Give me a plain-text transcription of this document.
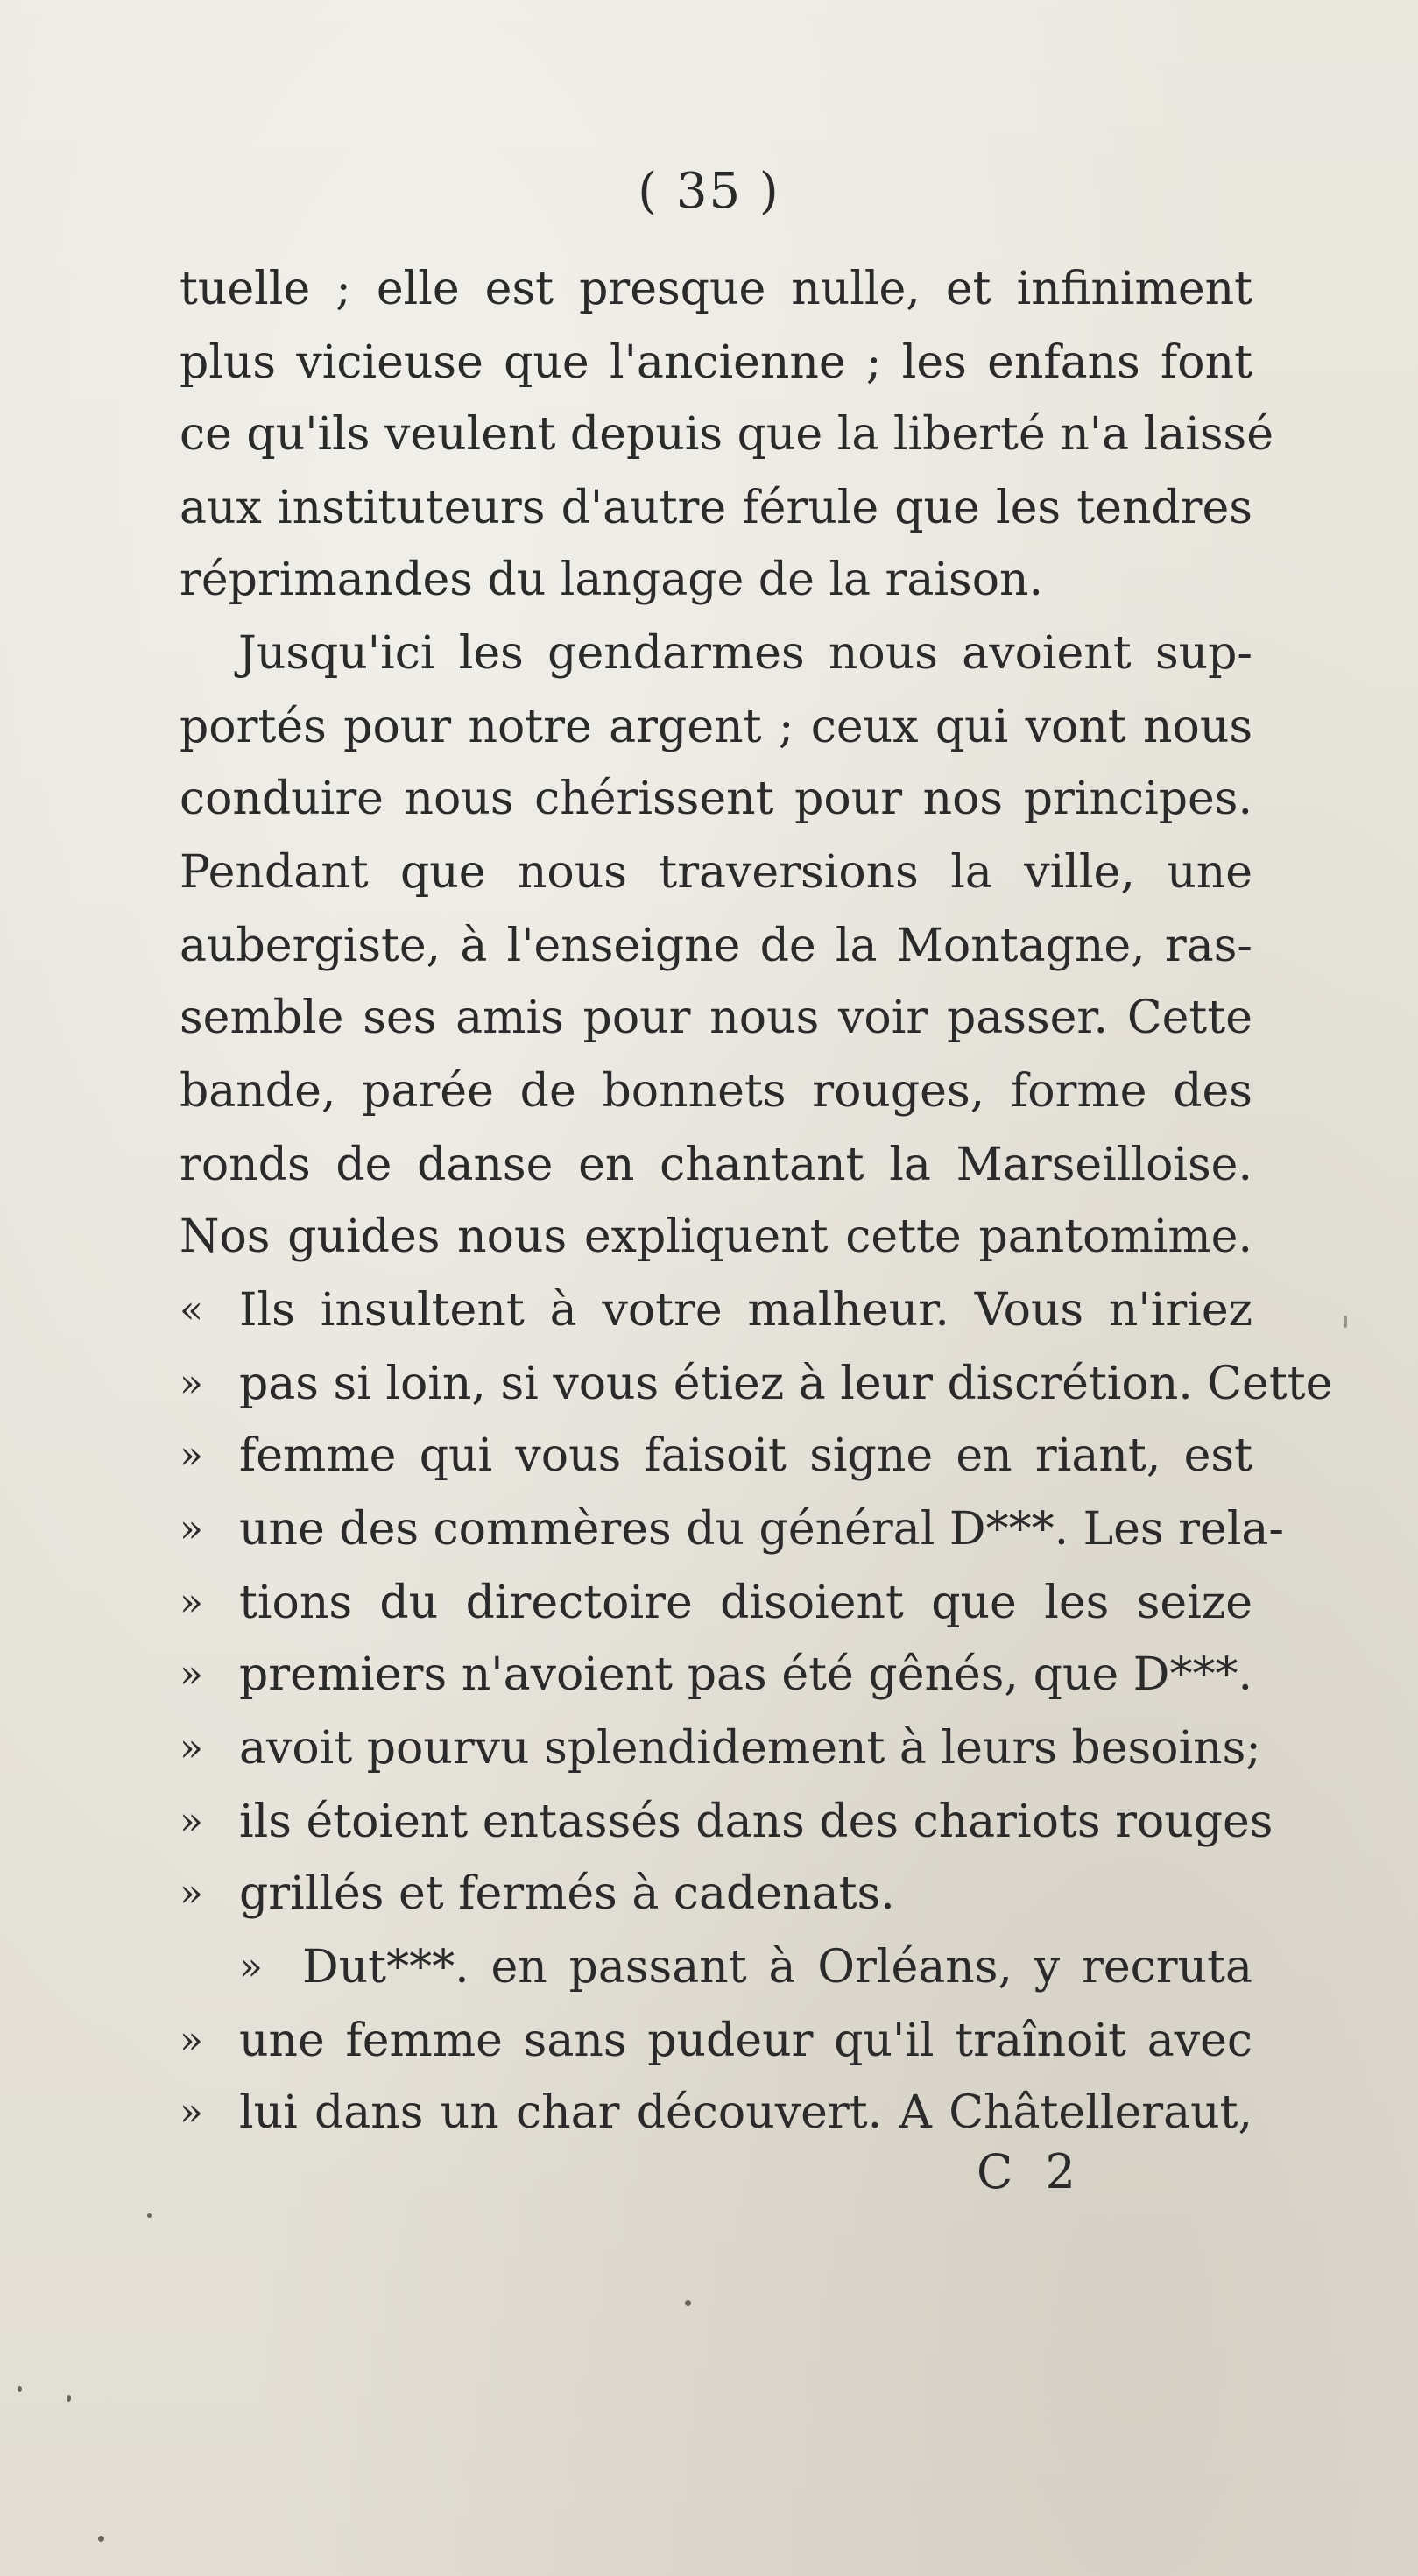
( 35 )
tuelle ; elle est presque nulle, et infiniment
plus vicieuse que l'ancienne ; les enfans font
ce qu'ils veulent depuis que la liberté n'a laissé
aux instituteurs d'autre férule que les tendres
réprimandes du langage de la raison.
Jusqu'ici les gendarmes nous avoient sup-
portés pour notre argent ; ceux qui vont nous
conduire nous chérissent pour nos principes.
Pendant que nous traversions la ville, une
aubergiste, à l'enseigne de la Montagne, ras-
semble ses amis pour nous voir passer. Cette
bande, parée de bonnets rouges, forme des
ronds de danse en chantant la Marseilloise.
Nos guides nous expliquent cette pantomime.
« Ils insultent à votre malheur. Vous n'iriez
» pas si loin, si vous étiez à leur discrétion. Cette
» femme qui vous faisoit signe en riant, est
» une des commères du général D***. Les rela-
» tions du directoire disoient que les seize
» premiers n'avoient pas été gênés, que D***.
» avoit pourvu splendidement à leurs besoins;
» ils étoient entassés dans des chariots rouges
» grillés et fermés à cadenats.
» Dut***. en passant à Orléans, y recruta
» une femme sans pudeur qu'il traînoit avec
» lui dans un char découvert. A Châtelleraut,
C 2
